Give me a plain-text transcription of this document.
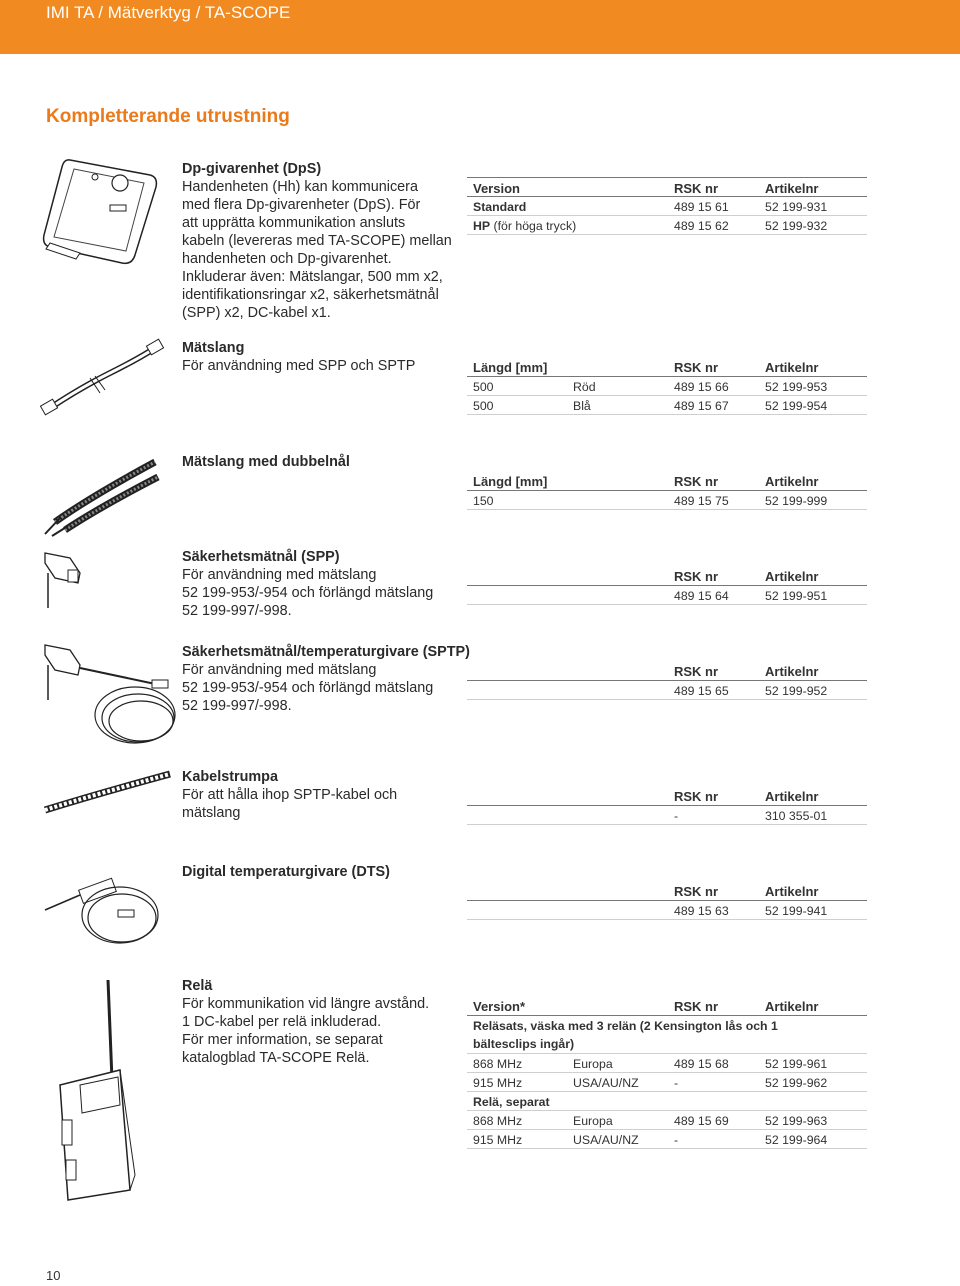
IMI TA / Mätverktyg / TA-SCOPE
Kompletterande utrustning
Dp-givarenhet (DpS)
Handenheten (Hh) kan kommunicera
med flera Dp-givarenheter (DpS). För
att upprätta kommunikation ansluts
kabeln (levereras med TA-SCOPE) mellan
handenheten och Dp-givarenhet.
Inkluderar även: Mätslangar, 500 mm x2,
identifikationsringar x2, säkerhetsmätnål
(SPP) x2, DC-kabel x1.
Mätslang
För användning med SPP och SPTP
Mätslang med dubbelnål
Säkerhetsmätnål (SPP)
För användning med mätslang
52 199-953/-954 och förlängd mätslang
52 199-997/-998.
Säkerhetsmätnål/temperaturgivare (SPTP)
För användning med mätslang
52 199-953/-954 och förlängd mätslang
52 199-997/-998.
Kabelstrumpa
För att hålla ihop SPTP-kabel och
mätslang
Digital temperaturgivare (DTS)
Relä
För kommunikation vid längre avstånd.
1 DC-kabel per relä inkluderad.
För mer information, se separat
katalogblad TA-SCOPE Relä.
Version	RSK nr	Artikelnr
Standard	489 15 61	52 199-931
HP (för höga tryck)	489 15 62	52 199-932
Längd [mm]	RSK nr	Artikelnr
500	Röd	489 15 66	52 199-953
500	Blå	489 15 67	52 199-954
Längd [mm]	RSK nr	Artikelnr
150	489 15 75	52 199-999
RSK nr	Artikelnr
489 15 64	52 199-951
RSK nr	Artikelnr
489 15 65	52 199-952
RSK nr	Artikelnr
-	310 355-01
RSK nr	Artikelnr
489 15 63	52 199-941
Version*	RSK nr	Artikelnr
Reläsats, väska med 3 relän (2 Kensington lås och 1 bältesclips ingår)
868 MHz	Europa	489 15 68	52 199-961
915 MHz	USA/AU/NZ	-	52 199-962
Relä, separat
868 MHz	Europa	489 15 69	52 199-963
915 MHz	USA/AU/NZ	-	52 199-964
10
